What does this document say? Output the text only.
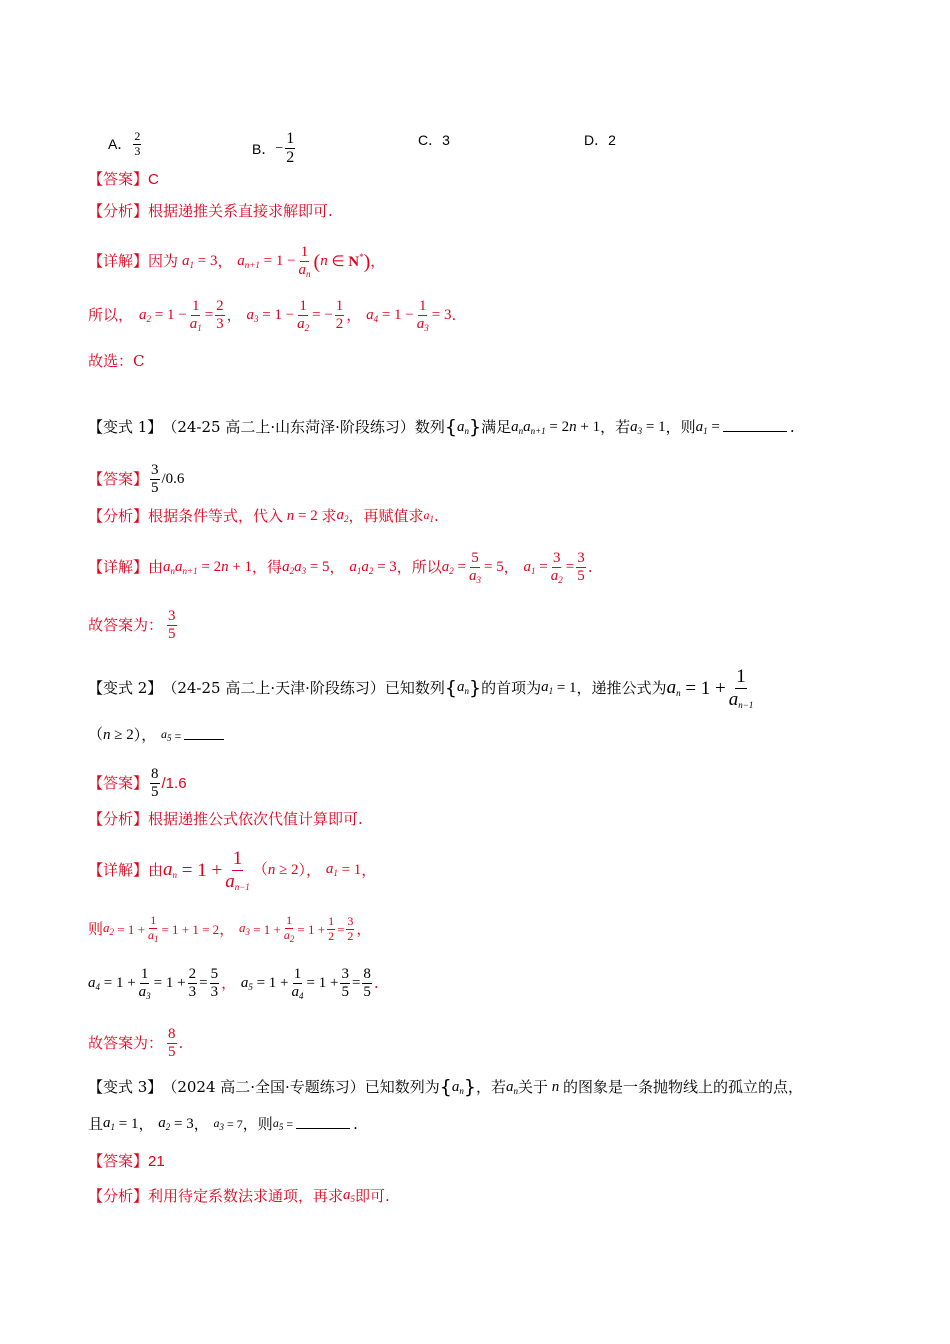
A． $\frac{2}{3}$	B． − $\frac{1}{2}$	C． 3	D． 2
【答案】 C
【分析】 根据递推关系直接求解即可.
【详解】 因为 $a_1 = 3$ ， $a_{n+1} = 1 - \frac{1}{a_n}$ ( n ∈ N* ) ，
所以， $a_2 = 1 - \frac{1}{a_1} = \frac{2}{3}$ ， $a_3 = 1 - \frac{1}{a_2}$ = − $\frac{1}{2}$ ， $a_4 = 1 - \frac{1}{a_3} = 3$ .
故选：C
【变式 1】 （24-25 高二上·山东菏泽·阶段练习）数列 { $a_n$ } 满足 $a_na_{n+1} = 2$ n + 1 ，若 $a_3 = 1$ ，则 $a_1$ =	.
【答案】 $\frac{3}{5} /0.6$
【分析】 根据条件等式，代入 n = 2 求 $a_2$ ，再赋值求 $a_1$ .
【详解】 由 $a_na_{n+1} = 2$ n + 1 ，得 $a_2a_3 = 5$ ， $a_1a_2 = 3$ ，所以 $a_2 = \frac{5}{a_3} = 5$ ， $a_1 = \frac{3}{a_2} = \frac{3}{5}$ .
故答案为： $\frac{3}{5}$
【变式 2】 （24-25 高二上·天津·阶段练习）已知数列 { $a_n$ } 的首项为 $a_1 = 1$ ，递推公式为 $a_n = 1 + \frac{1}{a_{n-1}}$
（ n ≥ 2 ）， $a_5$ =
【答案】 $\frac{8}{5} /1.6$
【分析】 根据递推公式依次代值计算即可.
【详解】 由 $a_n = 1 + \frac{1}{a_{n-1}}$ （ n ≥ 2 ）， $a_1 = 1$ ，
则 $a_2 = 1 + \frac{1}{a_1} = 1 + 1 = 2$ ， $a_3 = 1 + \frac{1}{a_2} = 1 + \frac{1}{2} = \frac{3}{2}$ ，
$a_4 = 1 + \frac{1}{a_3} = 1 + \frac{2}{3} = \frac{5}{3}$ ， $a_5 = 1 + \frac{1}{a_4} = 1 + \frac{3}{5} = \frac{8}{5}$ .
故答案为： $\frac{8}{5}$ .
【变式 3】 （2024 高二·全国·专题练习）已知数列为 { $a_n$ } ，若 $a_n$ 关于 n 的图象是一条抛物线上的孤立的点，
且 $a_1 = 1$ ， $a_2 = 3$ ， $a_3 = 7$ ，则 $a_5$ =	.
【答案】 21
【分析】 利用待定系数法求通项，再求 $a_5$ 即可.
